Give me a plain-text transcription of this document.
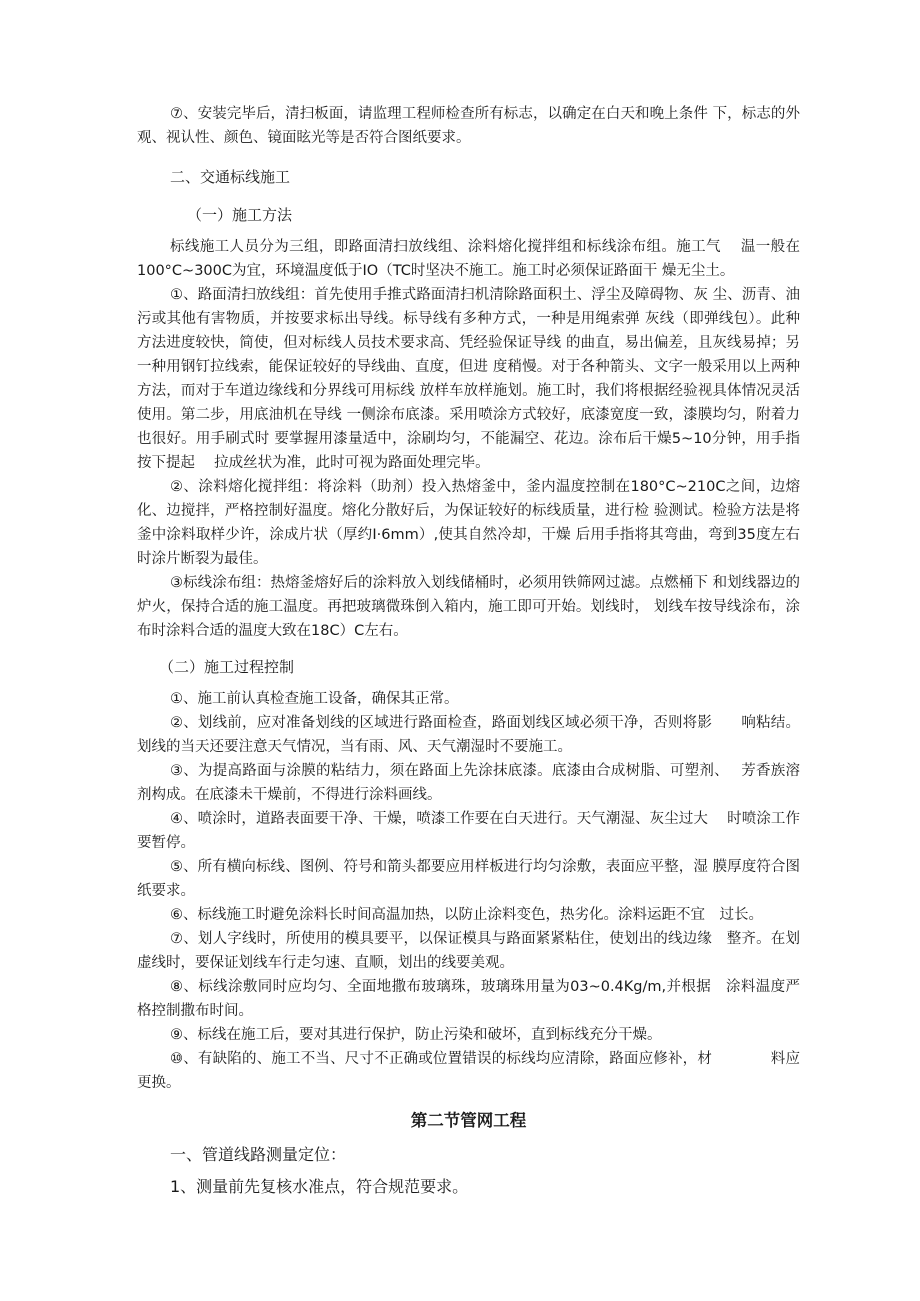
⑦、安装完毕后，清扫板面，请监理工程师检查所有标志，以确定在白天和晚上条件 下，标志的外观、视认性、颜色、镜面眩光等是否符合图纸要求。

二、交通标线施工

（一）施工方法

标线施工人员分为三组，即路面清扫放线组、涂料熔化搅拌组和标线涂布组。施工气　 温一般在100°C~300C为宜，环境温度低于IO（TC时坚决不施工。施工时必须保证路面干 燥无尘土。

①、路面清扫放线组：首先使用手推式路面清扫机清除路面积土、浮尘及障碍物、灰 尘、沥青、油污或其他有害物质，并按要求标出导线。标导线有多种方式，一种是用绳索弹 灰线（即弹线包）。此种方法进度较快，简使，但对标线人员技术要求高、凭经验保证导线 的曲直，易出偏差，且灰线易掉；另一种用钢钉拉线索，能保证较好的导线曲、直度，但进 度稍慢。对于各种箭头、文字一般采用以上两种方法，而对于车道边缘线和分界线可用标线 放样车放样施划。施工时，我们将根据经验视具体情况灵活使用。第二步，用底油机在导线 一侧涂布底漆。采用喷涂方式较好，底漆宽度一致，漆膜均匀，附着力也很好。用手刷式时 要掌握用漆量适中，涂刷均匀，不能漏空、花边。涂布后干燥5~10分钟，用手指按下提起　 拉成丝状为准，此时可视为路面处理完毕。

②、涂料熔化搅拌组：将涂料（助剂）投入热熔釜中，釜内温度控制在180°C~210C之间，边熔化、边搅拌，严格控制好温度。熔化分散好后，为保证较好的标线质量，进行检 验测试。检验方法是将釜中涂料取样少许，涂成片状（厚约I·6mm）,使其自然冷却，干燥 后用手指将其弯曲，弯到35度左右时涂片断裂为最佳。

③标线涂布组：热熔釜熔好后的涂料放入划线储桶时，必须用铁筛网过滤。点燃桶下 和划线器边的炉火，保持合适的施工温度。再把玻璃微珠倒入箱内，施工即可开始。划线时， 划线车按导线涂布，涂布时涂料合适的温度大致在18C）C左右。

（二）施工过程控制

①、施工前认真检查施工设备，确保其正常。

②、划线前，应对准备划线的区域进行路面检查，路面划线区域必须干净，否则将影　　响粘结。划线的当天还要注意天气情况，当有雨、风、天气潮湿时不要施工。

③、为提高路面与涂膜的粘结力，须在路面上先涂抹底漆。底漆由合成树脂、可塑剂、　 芳香族溶剂构成。在底漆未干燥前，不得进行涂料画线。

④、喷涂时，道路表面要干净、干燥，喷漆工作要在白天进行。天气潮湿、灰尘过大　 时喷涂工作要暂停。

⑤、所有横向标线、图例、符号和箭头都要应用样板进行均匀涂敷，表面应平整，湿 膜厚度符合图纸要求。

⑥、标线施工时避免涂料长时间高温加热，以防止涂料变色，热劣化。涂料运距不宜　过长。

⑦、划人字线时，所使用的模具要平，以保证模具与路面紧紧粘住，使划出的线边缘　整齐。在划虚线时，要保证划线车行走匀速、直顺，划出的线要美观。

⑧、标线涂敷同时应均匀、全面地撒布玻璃珠，玻璃珠用量为03~0.4Kg/m,并根据　涂料温度严格控制撒布时间。

⑨、标线在施工后，要对其进行保护，防止污染和破坏，直到标线充分干燥。

⑩、有缺陷的、施工不当、尺寸不正确或位置错误的标线均应清除，路面应修补，材　　　　料应更换。

第二节管网工程

一、管道线路测量定位：

1、测量前先复核水准点，符合规范要求。
